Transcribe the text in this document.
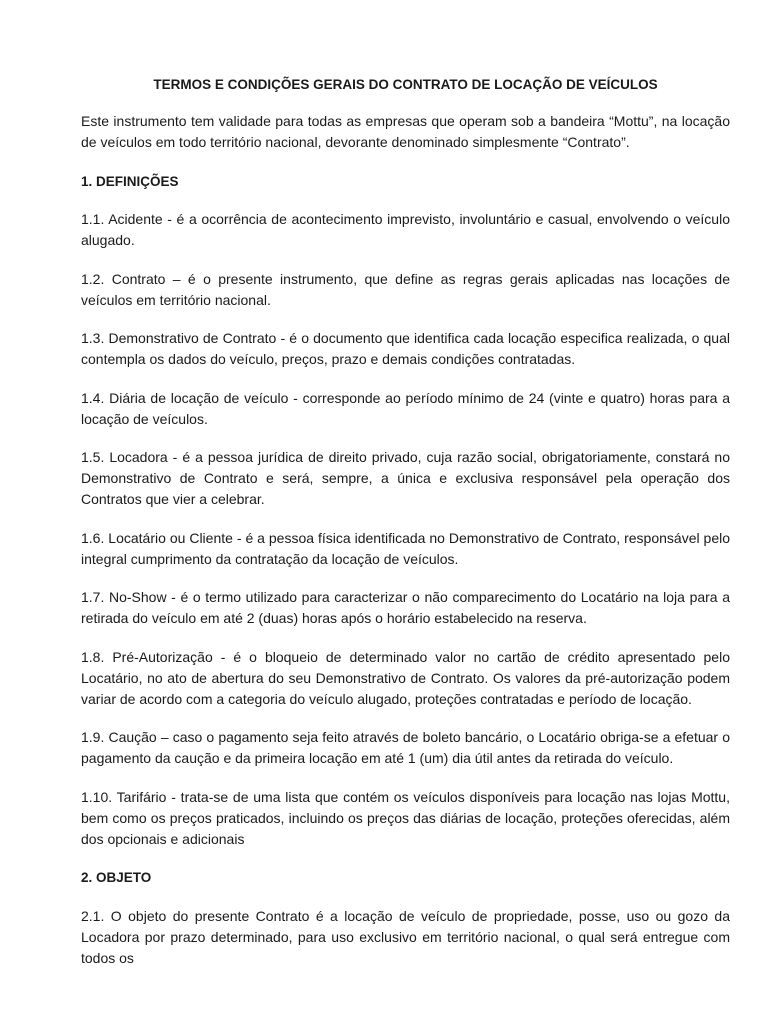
TERMOS E CONDIÇÕES GERAIS DO CONTRATO DE LOCAÇÃO DE VEÍCULOS

Este instrumento tem validade para todas as empresas que operam sob a bandeira “Mottu”, na locação de veículos em todo território nacional, devorante denominado simplesmente “Contrato”.

1. DEFINIÇÕES

1.1. Acidente - é a ocorrência de acontecimento imprevisto, involuntário e casual, envolvendo o veículo alugado.

1.2. Contrato – é o presente instrumento, que define as regras gerais aplicadas nas locações de veículos em território nacional.

1.3. Demonstrativo de Contrato - é o documento que identifica cada locação especifica realizada, o qual contempla os dados do veículo, preços, prazo e demais condições contratadas.

1.4. Diária de locação de veículo - corresponde ao período mínimo de 24 (vinte e quatro) horas para a locação de veículos.

1.5. Locadora - é a pessoa jurídica de direito privado, cuja razão social, obrigatoriamente, constará no Demonstrativo de Contrato e será, sempre, a única e exclusiva responsável pela operação dos Contratos que vier a celebrar.

1.6. Locatário ou Cliente - é a pessoa física identificada no Demonstrativo de Contrato, responsável pelo integral cumprimento da contratação da locação de veículos.

1.7. No-Show - é o termo utilizado para caracterizar o não comparecimento do Locatário na loja para a retirada do veículo em até 2 (duas) horas após o horário estabelecido na reserva.

1.8. Pré-Autorização - é o bloqueio de determinado valor no cartão de crédito apresentado pelo Locatário, no ato de abertura do seu Demonstrativo de Contrato. Os valores da pré-autorização podem variar de acordo com a categoria do veículo alugado, proteções contratadas e período de locação.

1.9. Caução – caso o pagamento seja feito através de boleto bancário, o Locatário obriga-se a efetuar o pagamento da caução e da primeira locação em até 1 (um) dia útil antes da retirada do veículo.

1.10. Tarifário - trata-se de uma lista que contém os veículos disponíveis para locação nas lojas Mottu, bem como os preços praticados, incluindo os preços das diárias de locação, proteções oferecidas, além dos opcionais e adicionais

2. OBJETO

2.1. O objeto do presente Contrato é a locação de veículo de propriedade, posse, uso ou gozo da Locadora por prazo determinado, para uso exclusivo em território nacional, o qual será entregue com todos os
